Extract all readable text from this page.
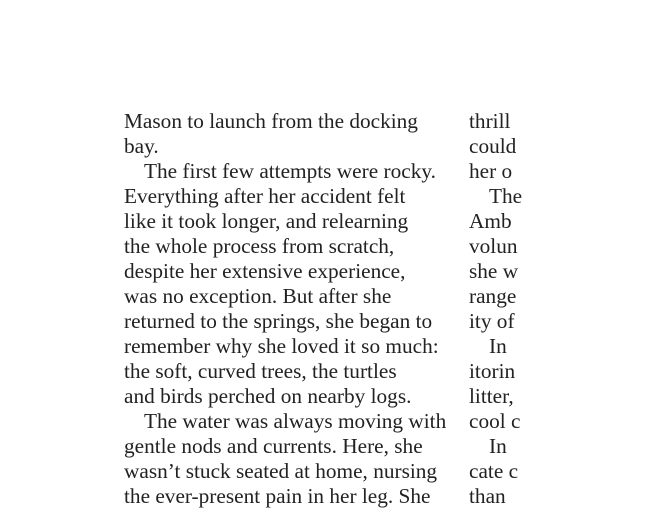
Mason to launch from the docking
bay.
The first few attempts were rocky.
Everything after her accident felt
like it took longer, and relearning
the whole process from scratch,
despite her extensive experience,
was no exception. But after she
returned to the springs, she began to
remember why she loved it so much:
the soft, curved trees, the turtles
and birds perched on nearby logs.
The water was always moving with
gentle nods and currents. Here, she
wasn’t stuck seated at home, nursing
the ever-present pain in her leg. She
thrill
could
her o
The
Amb
volun
she w
range
ity of
In
itorin
litter,
cool c
In
cate c
than
